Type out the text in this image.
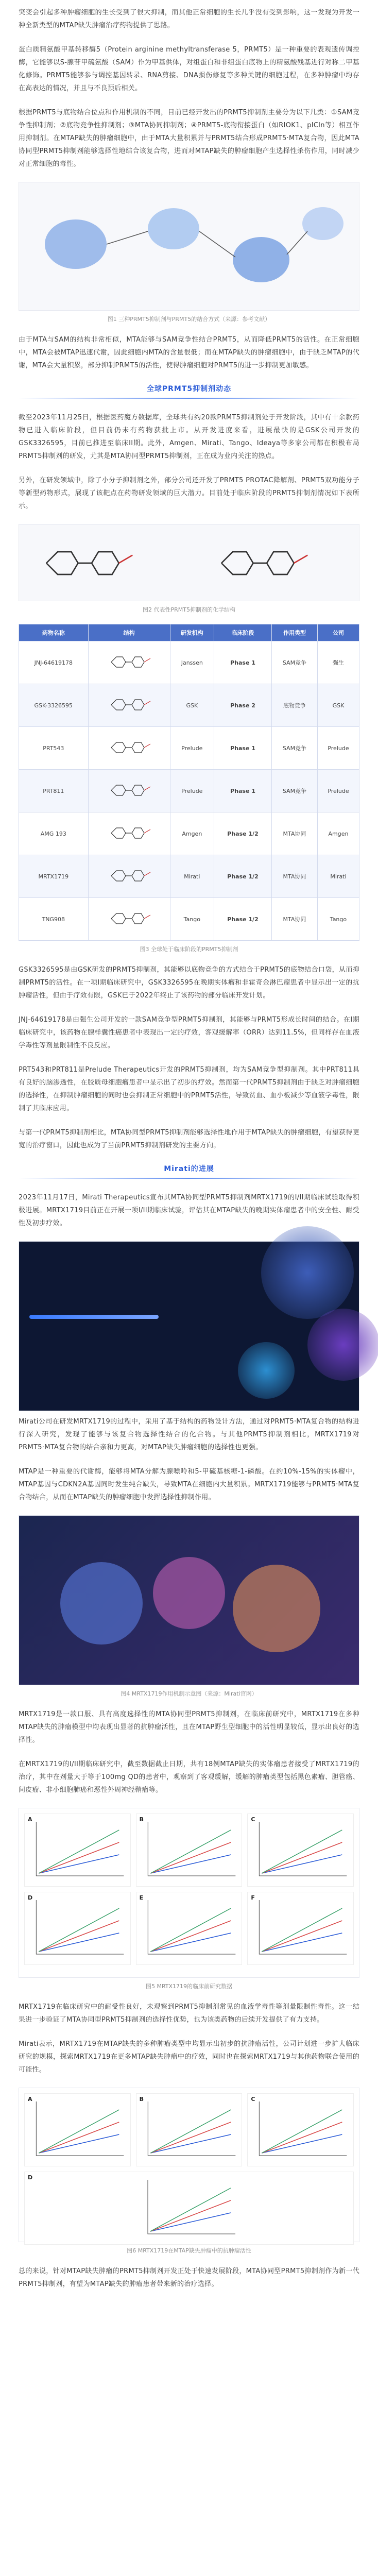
突变会引起多种肿瘤细胞的生长受到了很大抑制，而其他正常细胞的生长几乎没有受到影响，这一发现为开发一种全新类型的MTAP缺失肿瘤治疗药物提供了思路。

蛋白质精氨酸甲基转移酶5（Protein arginine methyltransferase 5，PRMT5）是一种重要的表观遗传调控酶，它能够以S-腺苷甲硫氨酸（SAM）作为甲基供体，对组蛋白和非组蛋白底物上的精氨酸残基进行对称二甲基化修饰。PRMT5能够参与调控基因转录、RNA剪接、DNA损伤修复等多种关键的细胞过程，在多种肿瘤中均存在高表达的情况，并且与不良预后相关。

根据PRMT5与底物结合位点和作用机制的不同，目前已经开发出的PRMT5抑制剂主要分为以下几类：①SAM竞争性抑制剂；②底物竞争性抑制剂；③MTA协同抑制剂；④PRMT5-底物衔接蛋白（如RIOK1、pICln等）相互作用抑制剂。在MTAP缺失的肿瘤细胞中，由于MTA大量积累并与PRMT5结合形成PRMT5·MTA复合物，因此MTA协同型PRMT5抑制剂能够选择性地结合该复合物，进而对MTAP缺失的肿瘤细胞产生选择性杀伤作用，同时减少对正常细胞的毒性。

图1 三种PRMT5抑制剂与PRMT5的结合方式（来源：参考文献）

由于MTA与SAM的结构非常相似，MTA能够与SAM竞争性结合PRMT5，从而降低PRMT5的活性。在正常细胞中，MTA会被MTAP迅速代谢，因此细胞内MTA的含量很低；而在MTAP缺失的肿瘤细胞中，由于缺乏MTAP的代谢，MTA会大量积累，部分抑制PRMT5的活性，使得肿瘤细胞对PRMT5的进一步抑制更加敏感。

全球PRMT5抑制剂动态

截至2023年11月25日，根据医药魔方数据库，全球共有约20款PRMT5抑制剂处于开发阶段，其中有十余款药物已进入临床阶段，但目前仍未有药物获批上市。从开发进度来看，进展最快的是GSK公司开发的GSK3326595，目前已推进至临床II期。此外，Amgen、Mirati、Tango、Ideaya等多家公司都在积极布局PRMT5抑制剂的研发，尤其是MTA协同型PRMT5抑制剂，正在成为业内关注的热点。

另外，在研发领域中，除了小分子抑制剂之外，部分公司还开发了PRMT5 PROTAC降解剂、PRMT5双功能分子等新型药物形式，展现了该靶点在药物研发领域的巨大潜力。目前处于临床阶段的PRMT5抑制剂情况如下表所示。

图2 代表性PRMT5抑制剂的化学结构
药物名称	结构	研发机构	临床阶段	作用类型	公司
JNJ-64619178		Janssen	Phase 1	SAM竞争	强生
GSK-3326595		GSK	Phase 2	底物竞争	GSK
PRT543		Prelude	Phase 1	SAM竞争	Prelude
PRT811		Prelude	Phase 1	SAM竞争	Prelude
AMG 193		Amgen	Phase 1/2	MTA协同	Amgen
MRTX1719		Mirati	Phase 1/2	MTA协同	Mirati
TNG908		Tango	Phase 1/2	MTA协同	Tango
图3 全球处于临床阶段的PRMT5抑制剂

GSK3326595是由GSK研发的PRMT5抑制剂，其能够以底物竞争的方式结合于PRMT5的底物结合口袋，从而抑制PRMT5的活性。在一项I期临床研究中，GSK3326595在晚期实体瘤和非霍奇金淋巴瘤患者中显示出一定的抗肿瘤活性，但由于疗效有限，GSK已于2022年终止了该药物的部分临床开发计划。

JNJ-64619178是由强生公司开发的一款SAM竞争型PRMT5抑制剂，其能够与PRMT5形成长时间的结合。在I期临床研究中，该药物在腺样囊性癌患者中表现出一定的疗效，客观缓解率（ORR）达到11.5%，但同样存在血液学毒性等剂量限制性不良反应。

PRT543和PRT811是Prelude Therapeutics开发的PRMT5抑制剂，均为SAM竞争型抑制剂。其中PRT811具有良好的脑渗透性，在胶质母细胞瘤患者中显示出了初步的疗效。然而第一代PRMT5抑制剂由于缺乏对肿瘤细胞的选择性，在抑制肿瘤细胞的同时也会抑制正常细胞中的PRMT5活性，导致贫血、血小板减少等血液学毒性，限制了其临床应用。

与第一代PRMT5抑制剂相比，MTA协同型PRMT5抑制剂能够选择性地作用于MTAP缺失的肿瘤细胞，有望获得更宽的治疗窗口，因此也成为了当前PRMT5抑制剂研发的主要方向。

Mirati的进展

2023年11月17日，Mirati Therapeutics宣布其MTA协同型PRMT5抑制剂MRTX1719的I/II期临床试验取得积极进展。MRTX1719目前正在开展一项I/II期临床试验，评估其在MTAP缺失的晚期实体瘤患者中的安全性、耐受性及初步疗效。

Mirati公司在研发MRTX1719的过程中，采用了基于结构的药物设计方法，通过对PRMT5·MTA复合物的结构进行深入研究，发现了能够与该复合物选择性结合的化合物。与其他PRMT5抑制剂相比，MRTX1719对PRMT5·MTA复合物的结合亲和力更高，对MTAP缺失肿瘤细胞的选择性也更强。

MTAP是一种重要的代谢酶，能够将MTA分解为腺嘌呤和5-甲硫基核糖-1-磷酸。在约10%-15%的实体瘤中，MTAP基因与CDKN2A基因同时发生纯合缺失，导致MTA在细胞内大量积累。MRTX1719能够与PRMT5·MTA复合物结合，从而在MTAP缺失的肿瘤细胞中发挥选择性抑制作用。

图4 MRTX1719作用机制示意图（来源：Mirati官网）

MRTX1719是一款口服、具有高度选择性的MTA协同型PRMT5抑制剂，在临床前研究中，MRTX1719在多种MTAP缺失的肿瘤模型中均表现出显著的抗肿瘤活性，且在MTAP野生型细胞中的活性明显较低，显示出良好的选择性。

在MRTX1719的I/II期临床研究中，截至数据截止日期，共有18例MTAP缺失的实体瘤患者接受了MRTX1719的治疗，其中在剂量大于等于100mg QD的患者中，观察到了客观缓解，缓解的肿瘤类型包括黑色素瘤、胆管癌、间皮瘤、非小细胞肺癌和恶性外周神经鞘瘤等。

A	B	C
D	E	F
图5 MRTX1719的临床前研究数据

MRTX1719在临床研究中的耐受性良好，未观察到PRMT5抑制剂常见的血液学毒性等剂量限制性毒性。这一结果进一步验证了MTA协同型PRMT5抑制剂的选择性优势，也为该类药物的后续开发提供了有力支持。

Mirati表示，MRTX1719在MTAP缺失的多种肿瘤类型中均显示出初步的抗肿瘤活性，公司计划进一步扩大临床研究的规模，探索MRTX1719在更多MTAP缺失肿瘤中的疗效，同时也在探索MRTX1719与其他药物联合使用的可能性。

A	B	C
D
图6 MRTX1719在MTAP缺失肿瘤中的抗肿瘤活性

总的来说，针对MTAP缺失肿瘤的PRMT5抑制剂开发正处于快速发展阶段，MTA协同型PRMT5抑制剂作为新一代PRMT5抑制剂，有望为MTAP缺失的肿瘤患者带来新的治疗选择。
